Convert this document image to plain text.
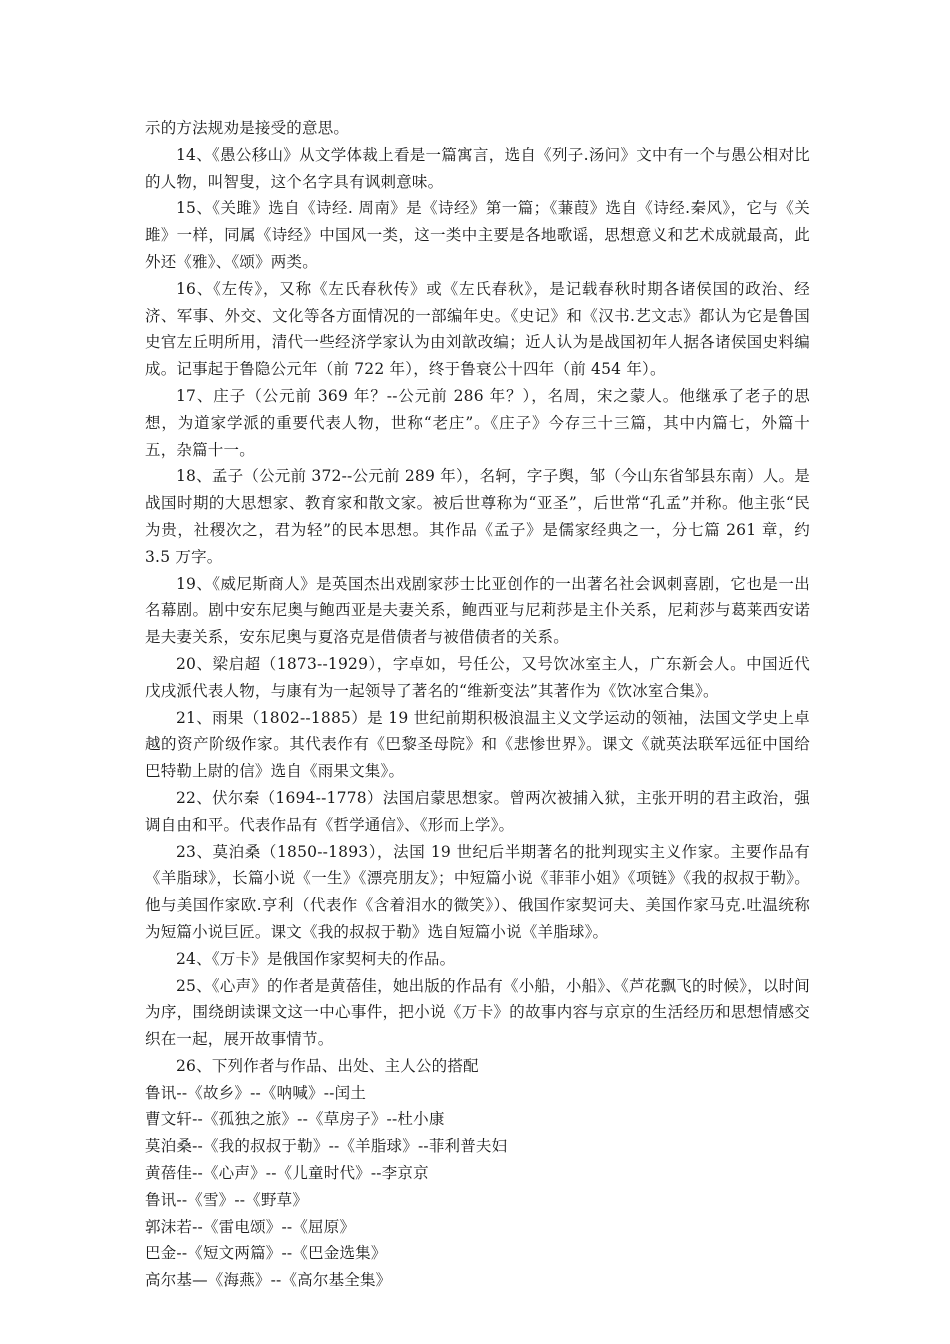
示的方法规劝是接受的意思。

14、《愚公移山》从文学体裁上看是一篇寓言，选自《列子.汤问》文中有一个与愚公相对比的人物，叫智叟，这个名字具有讽刺意味。

15、《关雎》选自《诗经. 周南》是《诗经》第一篇；《蒹葭》选自《诗经.秦风》，它与《关雎》一样，同属《诗经》中国风一类，这一类中主要是各地歌谣，思想意义和艺术成就最高，此外还《雅》、《颂》两类。

16、《左传》，又称《左氏春秋传》或《左氏春秋》，是记载春秋时期各诸侯国的政治、经济、军事、外交、文化等各方面情况的一部编年史。《史记》和《汉书.艺文志》都认为它是鲁国史官左丘明所用，清代一些经济学家认为由刘歆改编；近人认为是战国初年人据各诸侯国史料编成。记事起于鲁隐公元年（前 722 年），终于鲁衰公十四年（前 454 年）。

17、庄子（公元前 369 年？--公元前 286 年？），名周，宋之蒙人。他继承了老子的思想，为道家学派的重要代表人物，世称“老庄”。《庄子》今存三十三篇，其中内篇七，外篇十五，杂篇十一。

18、孟子（公元前 372--公元前 289 年），名轲，字子舆，邹（今山东省邹县东南）人。是战国时期的大思想家、教育家和散文家。被后世尊称为“亚圣”，后世常“孔孟”并称。他主张“民为贵，社稷次之，君为轻”的民本思想。其作品《孟子》是儒家经典之一，分七篇 261 章，约 3.5 万字。

19、《威尼斯商人》是英国杰出戏剧家莎士比亚创作的一出著名社会讽刺喜剧，它也是一出名幕剧。剧中安东尼奥与鲍西亚是夫妻关系，鲍西亚与尼莉莎是主仆关系，尼莉莎与葛莱西安诺是夫妻关系，安东尼奥与夏洛克是借债者与被借债者的关系。

20、梁启超（1873--1929），字卓如，号任公，又号饮冰室主人，广东新会人。中国近代戊戌派代表人物，与康有为一起领导了著名的“维新变法”其著作为《饮冰室合集》。

21、雨果（1802--1885）是 19 世纪前期积极浪温主义文学运动的领袖，法国文学史上卓越的资产阶级作家。其代表作有《巴黎圣母院》和《悲惨世界》。课文《就英法联军远征中国给巴特勒上尉的信》选自《雨果文集》。

22、伏尔秦（1694--1778）法国启蒙思想家。曾两次被捕入狱，主张开明的君主政治，强调自由和平。代表作品有《哲学通信》、《形而上学》。

23、莫泊桑（1850--1893），法国 19 世纪后半期著名的批判现实主义作家。主要作品有《羊脂球》，长篇小说《一生》《漂亮朋友》；中短篇小说《菲菲小姐》《项链》《我的叔叔于勒》。他与美国作家欧.亨利（代表作《含着泪水的微笑》）、俄国作家契诃夫、美国作家马克.吐温统称为短篇小说巨匠。课文《我的叔叔于勒》选自短篇小说《羊脂球》。

24、《万卡》是俄国作家契柯夫的作品。

25、《心声》的作者是黄蓓佳，她出版的作品有《小船，小船》、《芦花飘飞的时候》，以时间为序，围绕朗读课文这一中心事件，把小说《万卡》的故事内容与京京的生活经历和思想情感交织在一起，展开故事情节。

26、下列作者与作品、出处、主人公的搭配

鲁讯--《故乡》--《呐喊》--闰土

曹文轩--《孤独之旅》--《草房子》--杜小康

莫泊桑--《我的叔叔于勒》--《羊脂球》--菲利普夫妇

黄蓓佳--《心声》--《儿童时代》--李京京

鲁讯--《雪》--《野草》

郭沫若--《雷电颂》--《屈原》

巴金--《短文两篇》--《巴金选集》

高尔基—《海燕》--《高尔基全集》
